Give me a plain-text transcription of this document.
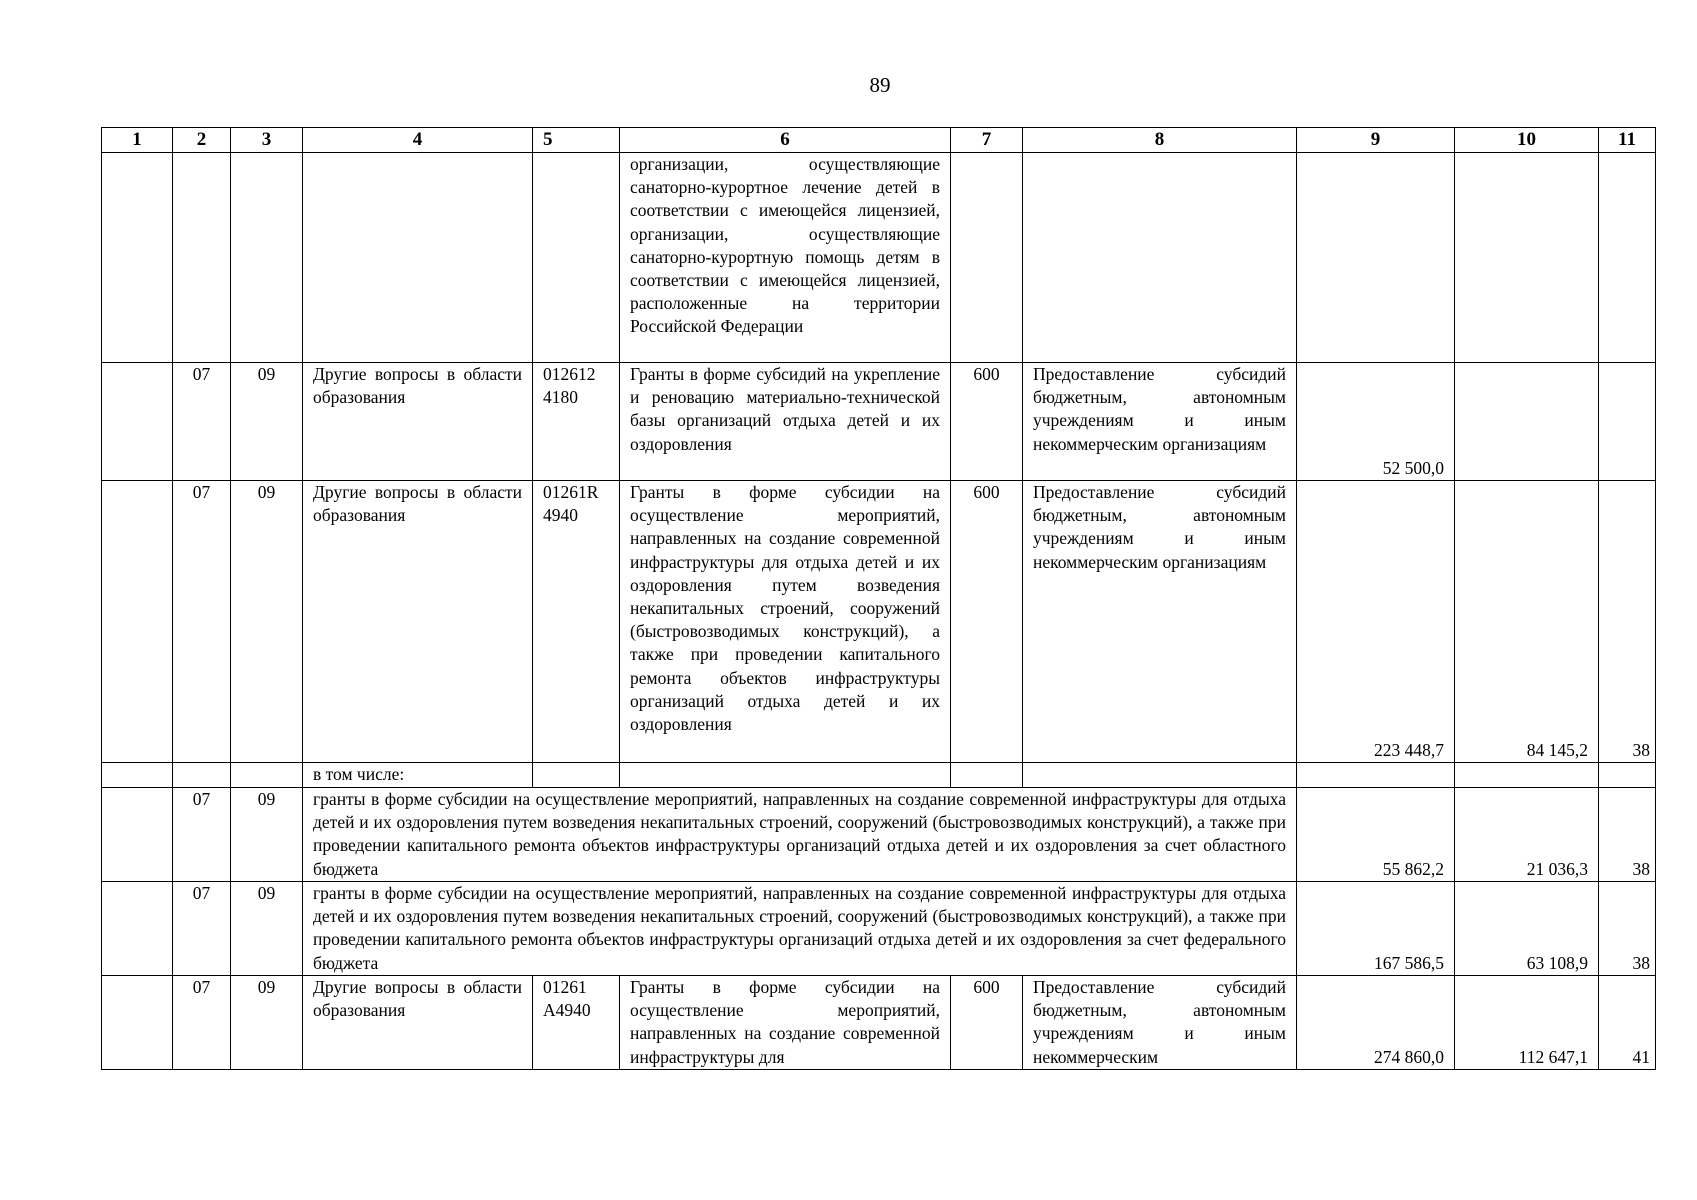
89
1	2	3	4	5	6	7	8	9	10	11
					организации, осуществляющие санаторно-курортное лечение детей в соответствии с имеющейся лицензией, организации, осуществляющие санаторно-курортную помощь детям в соответствии с имеющейся лицензией, расположенные на территории Российской Федерации					
	07	09	Другие вопросы в области образования	012612 4180	Гранты в форме субсидий на укрепление и реновацию материально-технической базы организаций отдыха детей и их оздоровления	600	Предоставление субсидий бюджетным, автономным учреждениям и иным некоммерческим организациям	52 500,0		
	07	09	Другие вопросы в области образования	01261R 4940	Гранты в форме субсидии на осуществление мероприятий, направленных на создание современной инфраструктуры для отдыха детей и их оздоровления путем возведения некапитальных строений, сооружений (быстровозводимых конструкций), а также при проведении капитального ремонта объектов инфраструктуры организаций отдыха детей и их оздоровления	600	Предоставление субсидий бюджетным, автономным учреждениям и иным некоммерческим организациям	223 448,7	84 145,2	38
			в том числе:							
	07	09	гранты в форме субсидии на осуществление мероприятий, направленных на создание современной инфраструктуры для отдыха детей и их оздоровления путем возведения некапитальных строений, сооружений (быстровозводимых конструкций), а также при проведении капитального ремонта объектов инфраструктуры организаций отдыха детей и их оздоровления за счет областного бюджета					55 862,2	21 036,3	38
	07	09	гранты в форме субсидии на осуществление мероприятий, направленных на создание современной инфраструктуры для отдыха детей и их оздоровления путем возведения некапитальных строений, сооружений (быстровозводимых конструкций), а также при проведении капитального ремонта объектов инфраструктуры организаций отдыха детей и их оздоровления за счет федерального бюджета					167 586,5	63 108,9	38
	07	09	Другие вопросы в области образования	01261 А4940	Гранты в форме субсидии на осуществление мероприятий, направленных на создание современной инфраструктуры для	600	Предоставление субсидий бюджетным, автономным учреждениям и иным некоммерческим	274 860,0	112 647,1	41
